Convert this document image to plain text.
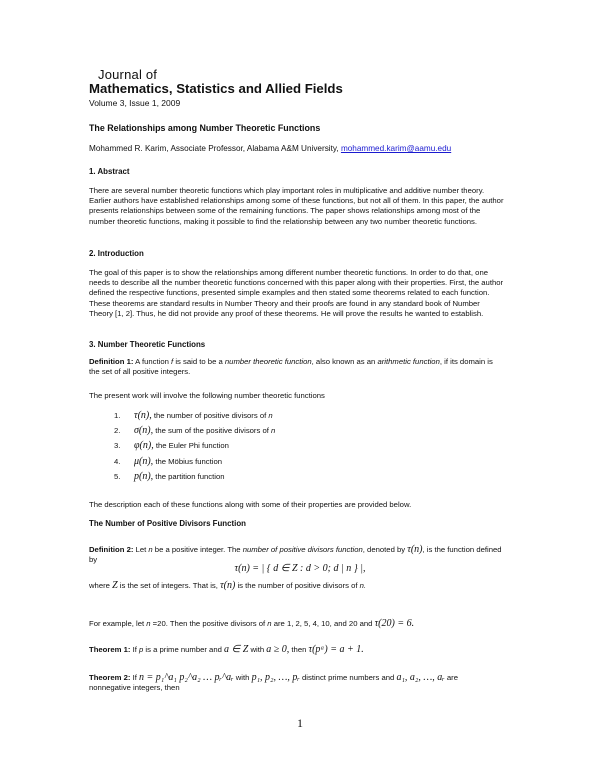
Journal of
Mathematics, Statistics and Allied Fields
Volume 3, Issue 1, 2009
The Relationships among Number Theoretic Functions
Mohammed R. Karim, Associate Professor, Alabama A&M University, mohammed.karim@aamu.edu
1. Abstract
There are several number theoretic functions which play important roles in multiplicative and additive number theory. Earlier authors have established relationships among some of these functions, but not all of them. In this paper, the author presents relationships between some of the remaining functions. The paper shows relationships among most of the number theoretic functions, making it possible to find the relationship between any two number theoretic functions.
2. Introduction
The goal of this paper is to show the relationships among different number theoretic functions. In order to do that, one needs to describe all the number theoretic functions concerned with this paper along with their properties. First, the author defined the respective functions, presented simple examples and then stated some theorems related to each function. These theorems are standard results in Number Theory and their proofs are found in any standard book of Number Theory [1, 2]. Thus, he did not provide any proof of these theorems. He will prove the results he wanted to establish.
3. Number Theoretic Functions
Definition 1: A function f is said to be a number theoretic function, also known as an arithmetic function, if its domain is the set of all positive integers.
The present work will involve the following number theoretic functions
1. τ(n), the number of positive divisors of n
2. σ(n), the sum of the positive divisors of n
3. φ(n), the Euler Phi function
4. μ(n), the Möbius function
5. p(n), the partition function
The description each of these functions along with some of their properties are provided below.
The Number of Positive Divisors Function
Definition 2: Let n be a positive integer. The number of positive divisors function, denoted by τ(n), is the function defined by
τ(n) = | { d ∈ Z : d > 0; d | n } |,
where Z is the set of integers. That is, τ(n) is the number of positive divisors of n.
For example, let n =20. Then the positive divisors of n are 1, 2, 5, 4, 10, and 20 and τ(20) = 6.
Theorem 1: If p is a prime number and a ∈ Z with a ≥ 0, then τ(pᵃ) = a + 1.
Theorem 2: If n = p₁^a₁ p₂^a₂ … pᵣ^aᵣ with p₁, p₂, …, pᵣ distinct prime numbers and a₁, a₂, …, aᵣ are
nonnegative integers, then
1
